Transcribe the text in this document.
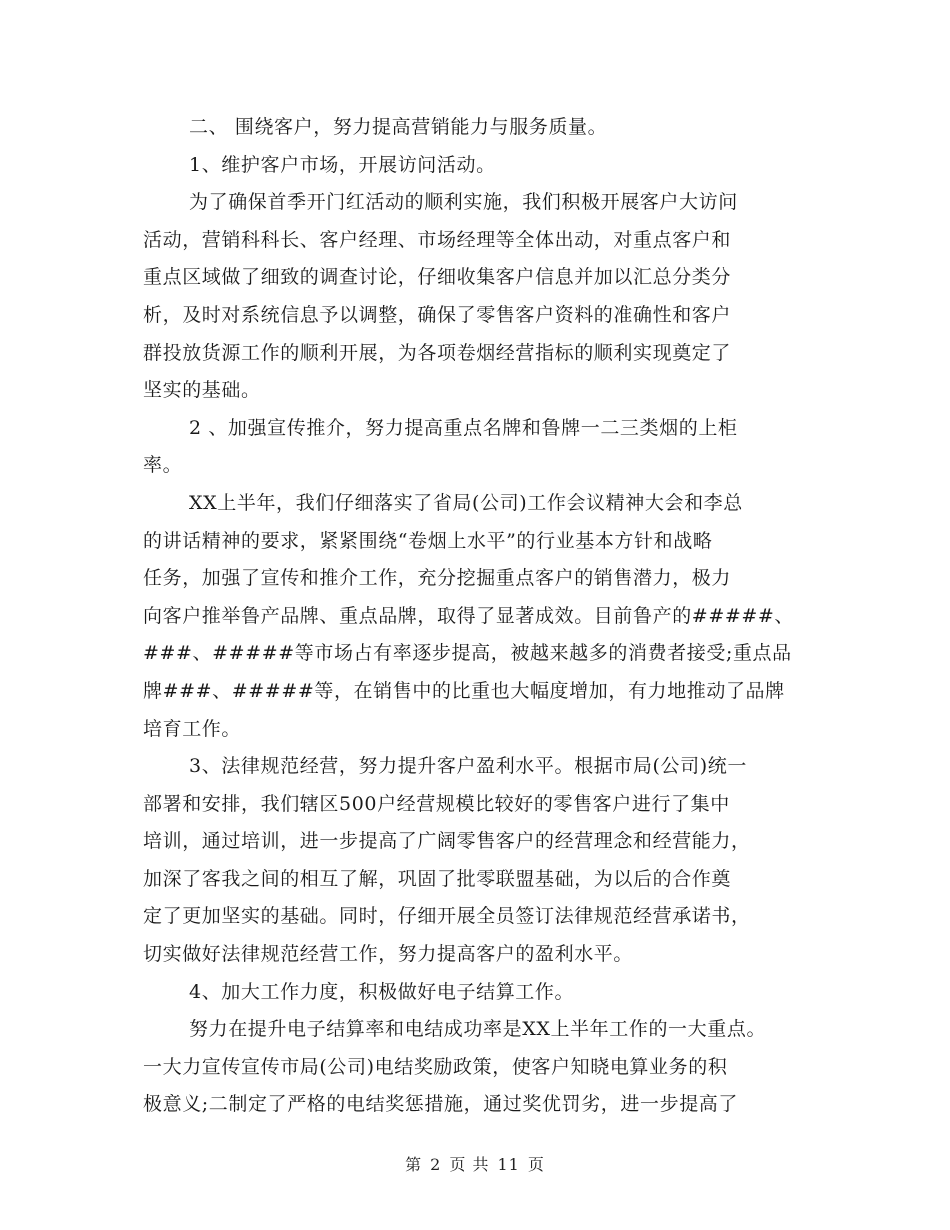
二、 围绕客户，努力提高营销能力与服务质量。
1、维护客户市场，开展访问活动。
为了确保首季开门红活动的顺利实施，我们积极开展客户大访问
活动，营销科科长、客户经理、市场经理等全体出动，对重点客户和
重点区域做了细致的调查讨论，仔细收集客户信息并加以汇总分类分
析，及时对系统信息予以调整，确保了零售客户资料的准确性和客户
群投放货源工作的顺利开展，为各项卷烟经营指标的顺利实现奠定了
坚实的基础。
2 、加强宣传推介，努力提高重点名牌和鲁牌一二三类烟的上柜
率。
XX上半年，我们仔细落实了省局(公司)工作会议精神大会和李总
的讲话精神的要求，紧紧围绕“卷烟上水平”的行业基本方针和战略
任务，加强了宣传和推介工作，充分挖掘重点客户的销售潜力，极力
向客户推举鲁产品牌、重点品牌，取得了显著成效。目前鲁产的#####、
###、#####等市场占有率逐步提高，被越来越多的消费者接受;重点品
牌###、#####等，在销售中的比重也大幅度增加，有力地推动了品牌
培育工作。
3、法律规范经营，努力提升客户盈利水平。根据市局(公司)统一
部署和安排，我们辖区500户经营规模比较好的零售客户进行了集中
培训，通过培训，进一步提高了广阔零售客户的经营理念和经营能力，
加深了客我之间的相互了解，巩固了批零联盟基础，为以后的合作奠
定了更加坚实的基础。同时，仔细开展全员签订法律规范经营承诺书，
切实做好法律规范经营工作，努力提高客户的盈利水平。
4、加大工作力度，积极做好电子结算工作。
努力在提升电子结算率和电结成功率是XX上半年工作的一大重点。
一大力宣传宣传市局(公司)电结奖励政策，使客户知晓电算业务的积
极意义;二制定了严格的电结奖惩措施，通过奖优罚劣，进一步提高了
第 2 页 共 11 页
